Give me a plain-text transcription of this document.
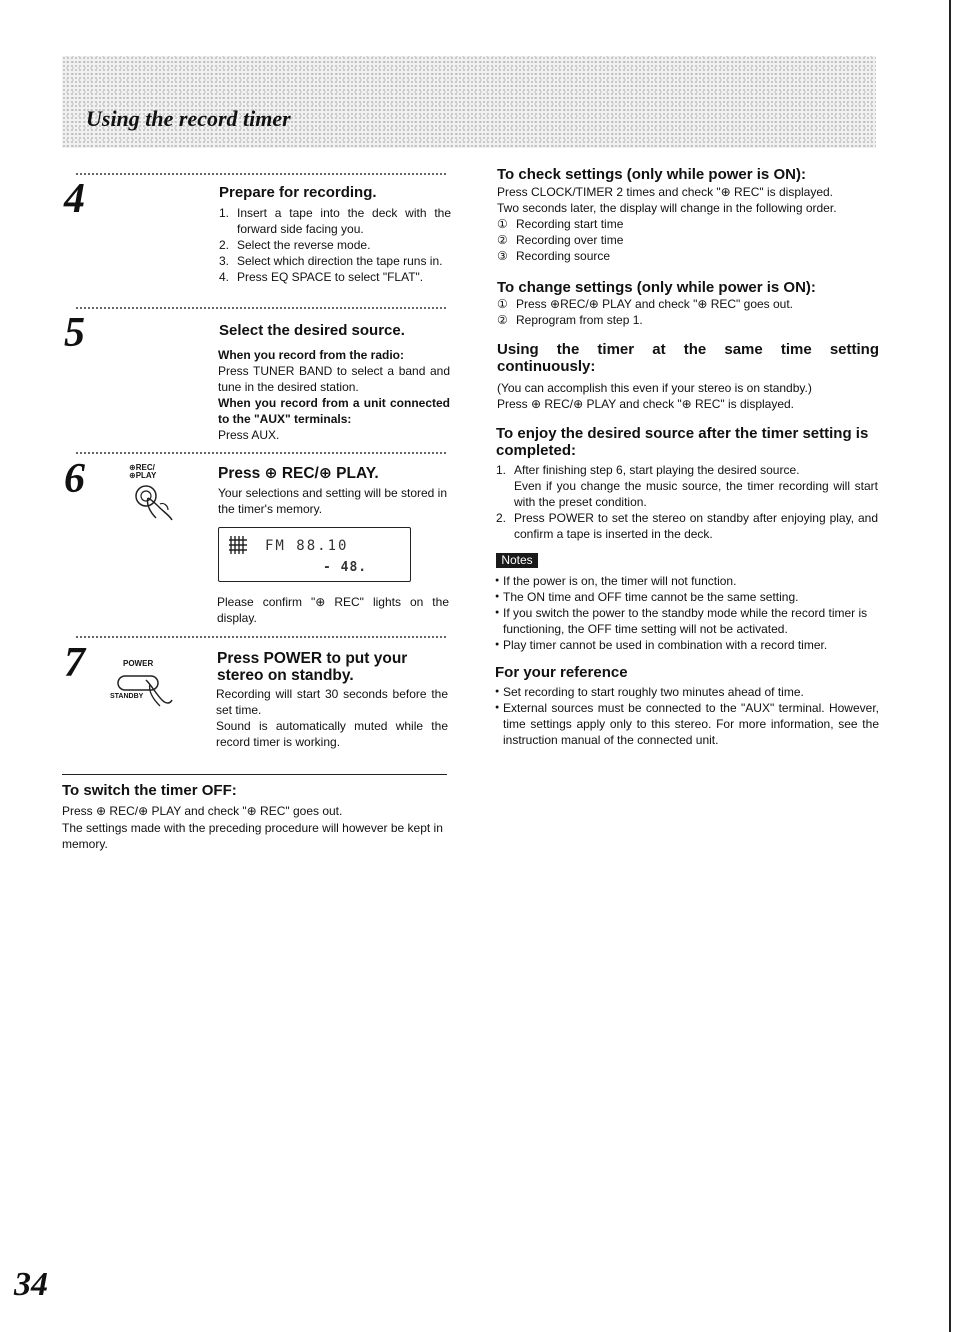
Using the record timer
4	Prepare for recording.
1. Insert a tape into the deck with the forward side facing you.
2. Select the reverse mode.
3. Select which direction the tape runs in.
4. Press EQ SPACE to select "FLAT".
5	Select the desired source.

When you record from the radio:

Press TUNER BAND to select a band and tune in the desired station.

When you record from a unit connected to the "AUX" terminals:

Press AUX.

6	⊕REC/ ⊕PLAY	Press ⊕ REC/⊕ PLAY.

Your selections and setting will be stored in the timer's memory.

FM 88.10
- 48.

Please confirm "⊕ REC" lights on the display.

7	POWER
STANDBY
Press POWER to put your stereo on standby.

Recording will start 30 seconds before the set time.

Sound is automatically muted while the record timer is working.

To switch the timer OFF:

Press ⊕ REC/⊕ PLAY and check "⊕ REC" goes out.

The settings made with the preceding procedure will however be kept in memory.

To check settings (only while power is ON):

Press CLOCK/TIMER 2 times and check "⊕ REC" is displayed.

Two seconds later, the display will change in the following order.

① Recording start time
② Recording over time
③ Recording source
To change settings (only while power is ON):
① Press ⊕REC/⊕ PLAY and check "⊕ REC" goes out.
② Reprogram from step 1.
Using the timer at the same time setting continuously:

(You can accomplish this even if your stereo is on standby.)

Press ⊕ REC/⊕ PLAY and check "⊕ REC" is displayed.

To enjoy the desired source after the timer setting is completed:
1. After finishing step 6, start playing the desired source.
Even if you change the music source, the timer recording will start with the preset condition.
2. Press POWER to set the stereo on standby after enjoying play, and confirm a tape is inserted in the deck.
Notes
● If the power is on, the timer will not function.
● The ON time and OFF time cannot be the same setting.
● If you switch the power to the standby mode while the record timer is functioning, the OFF time setting will not be activated.
● Play timer cannot be used in combination with a record timer.
For your reference
● Set recording to start roughly two minutes ahead of time.
● External sources must be connected to the "AUX" terminal. However, time settings apply only to this stereo. For more information, see the instruction manual of the connected unit.
34
